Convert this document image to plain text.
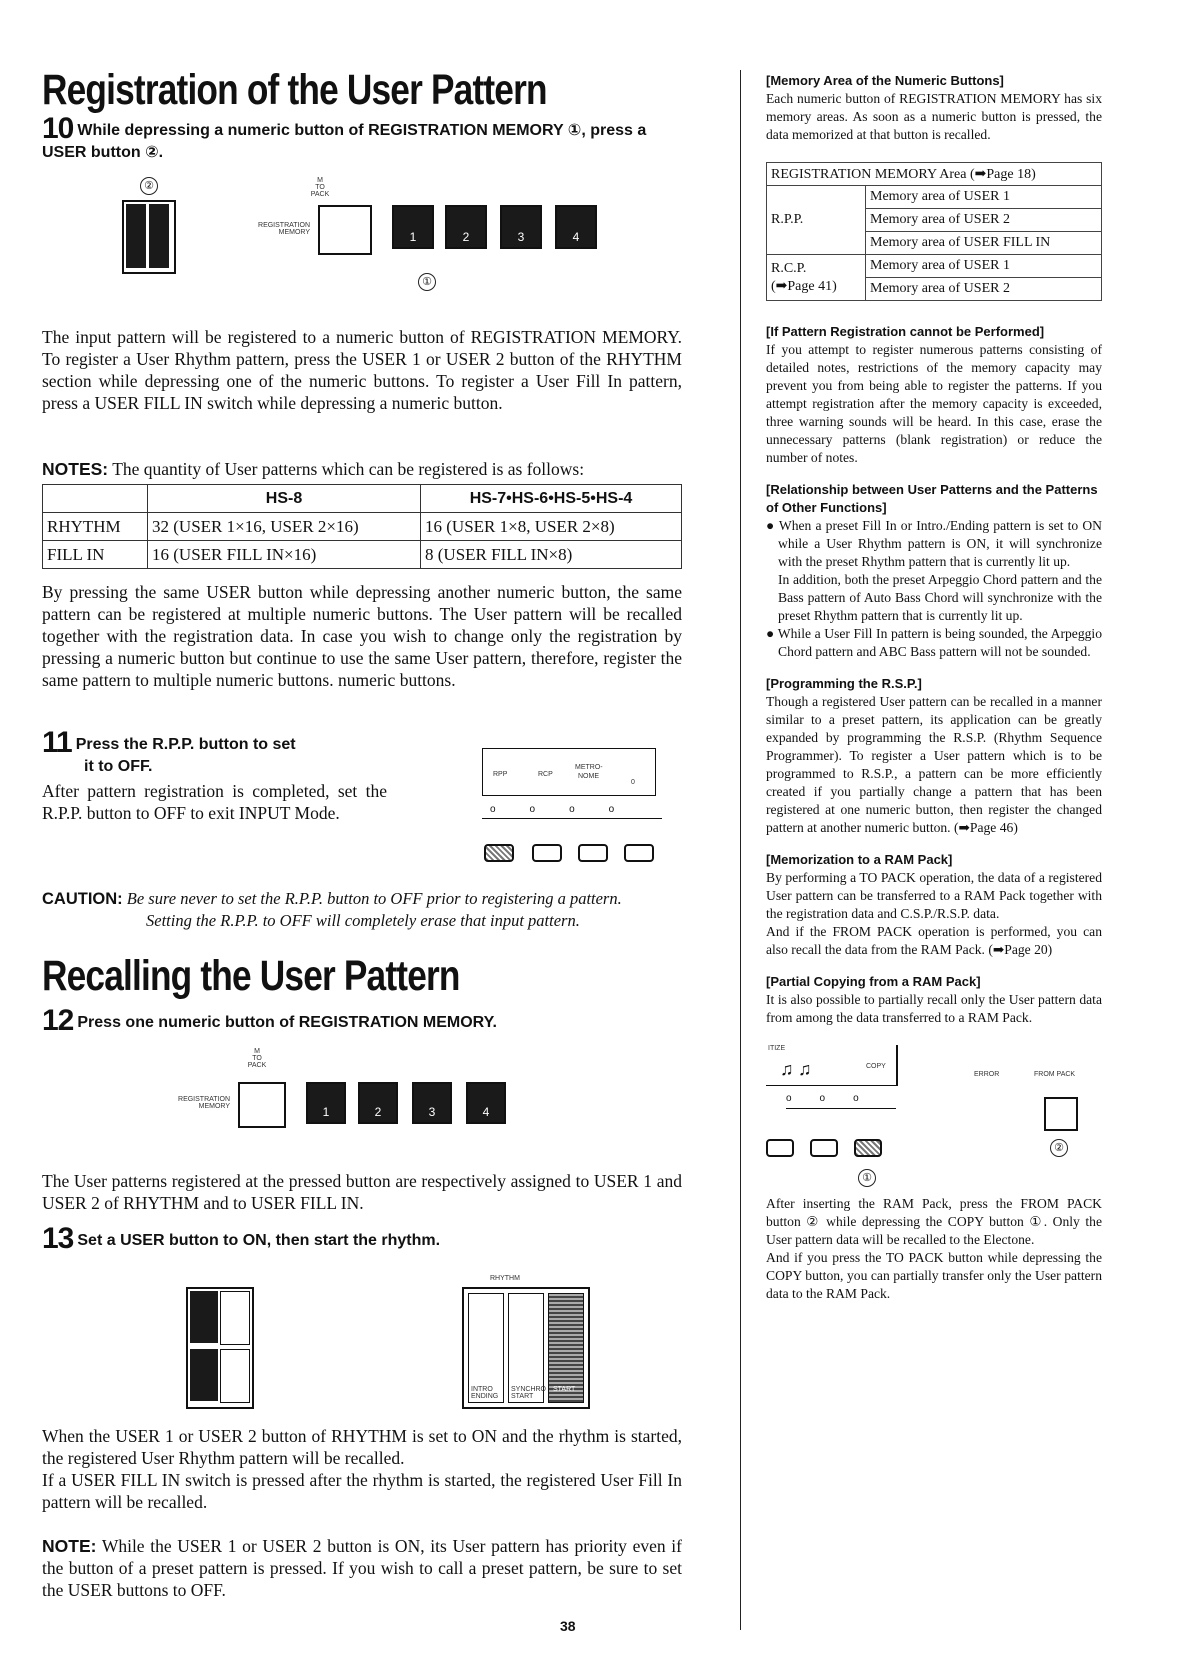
Registration of the User Pattern
10 While depressing a numeric button of REGISTRATION MEMORY ①, press a USER button ②.
②	M
TO PACK
REGISTRATION MEMORY	1	2	3	4
①
The input pattern will be registered to a numeric button of REGISTRATION MEMORY. To register a User Rhythm pattern, press the USER 1 or USER 2 button of the RHYTHM section while depressing one of the numeric buttons. To register a User Fill In pattern, press a USER FILL IN switch while depressing a numeric button.
NOTES: The quantity of User patterns which can be registered is as follows:
	HS-8	HS-7•HS-6•HS-5•HS-4
RHYTHM	32 (USER 1×16, USER 2×16)	16 (USER 1×8, USER 2×8)
FILL IN	16 (USER FILL IN×16)	8 (USER FILL IN×8)
By pressing the same USER button while depressing another numeric button, the same pattern can be registered at multiple numeric buttons. The User pattern will be recalled together with the registration data. In case you wish to change only the registration by pressing a numeric button but continue to use the same User pattern, therefore, register the same pattern to multiple numeric buttons. numeric buttons.
11 Press the R.P.P. button to set
it to OFF.
After pattern registration is completed, set the R.P.P. button to OFF to exit INPUT Mode.
RPP	RCP
METRO-
NOME
0
oooo
CAUTION: Be sure never to set the R.P.P. button to OFF prior to registering a pattern.
Setting the R.P.P. to OFF will completely erase that input pattern.
Recalling the User Pattern
12 Press one numeric button of REGISTRATION MEMORY.
M
TO PACK
REGISTRATION MEMORY	1	2	3	4
The User patterns registered at the pressed button are respectively assigned to USER 1 and USER 2 of RHYTHM and to USER FILL IN.
13 Set a USER button to ON, then start the rhythm.
RHYTHM
INTRO ENDING
SYNCHRO START
START
When the USER 1 or USER 2 button of RHYTHM is set to ON and the rhythm is started, the registered User Rhythm pattern will be recalled.
If a USER FILL IN switch is pressed after the rhythm is started, the registered User Fill In pattern will be recalled.
NOTE: While the USER 1 or USER 2 button is ON, its User pattern has priority even if the button of a preset pattern is pressed. If you wish to call a preset pattern, be sure to set the USER buttons to OFF.
38
[Memory Area of the Numeric Buttons]
Each numeric button of REGISTRATION MEMORY has six memory areas. As soon as a numeric button is pressed, the data memorized at that button is recalled.
REGISTRATION MEMORY Area (➡Page 18)	
R.P.P.	Memory area of USER 1
	Memory area of USER 2
	Memory area of USER FILL IN
R.C.P.
(➡Page 41)	Memory area of USER 1
	Memory area of USER 2
[If Pattern Registration cannot be Performed]
If you attempt to register numerous patterns consisting of detailed notes, restrictions of the memory capacity may prevent you from being able to register the patterns. If you attempt registration after the memory capacity is exceeded, three warning sounds will be heard. In this case, erase the unnecessary patterns (blank registration) or reduce the number of notes.
[Relationship between User Patterns and the Patterns of Other Functions]
● When a preset Fill In or Intro./Ending pattern is set to ON while a User Rhythm pattern is ON, it will synchronize with the preset Rhythm pattern that is currently lit up.
In addition, both the preset Arpeggio Chord pattern and the Bass pattern of Auto Bass Chord will synchronize with the preset Rhythm pattern that is currently lit up.
● While a User Fill In pattern is being sounded, the Arpeggio Chord pattern and ABC Bass pattern will not be sounded.
[Programming the R.S.P.]
Though a registered User pattern can be recalled in a manner similar to a preset pattern, its application can be greatly expanded by programming the R.S.P. (Rhythm Sequence Programmer). To register a User pattern which is to be programmed to R.S.P., a pattern can be more efficiently created if you partially change a pattern that has been registered at one numeric button, then register the changed pattern at another numeric button. (➡Page 46)
[Memorization to a RAM Pack]
By performing a TO PACK operation, the data of a registered User pattern can be transferred to a RAM Pack together with the registration data and C.S.P./R.S.P. data.
And if the FROM PACK operation is performed, you can also recall the data from the RAM Pack. (➡Page 20)
[Partial Copying from a RAM Pack]
It is also possible to partially recall only the User pattern data from among the data transferred to a RAM Pack.
ITIZE
♫ ♫	COPY
ooo
①
ERROR	FROM PACK
②
After inserting the RAM Pack, press the FROM PACK button ② while depressing the COPY button ①. Only the User pattern data will be recalled to the Electone.
And if you press the TO PACK button while depressing the COPY button, you can partially transfer only the User pattern data to the RAM Pack.
